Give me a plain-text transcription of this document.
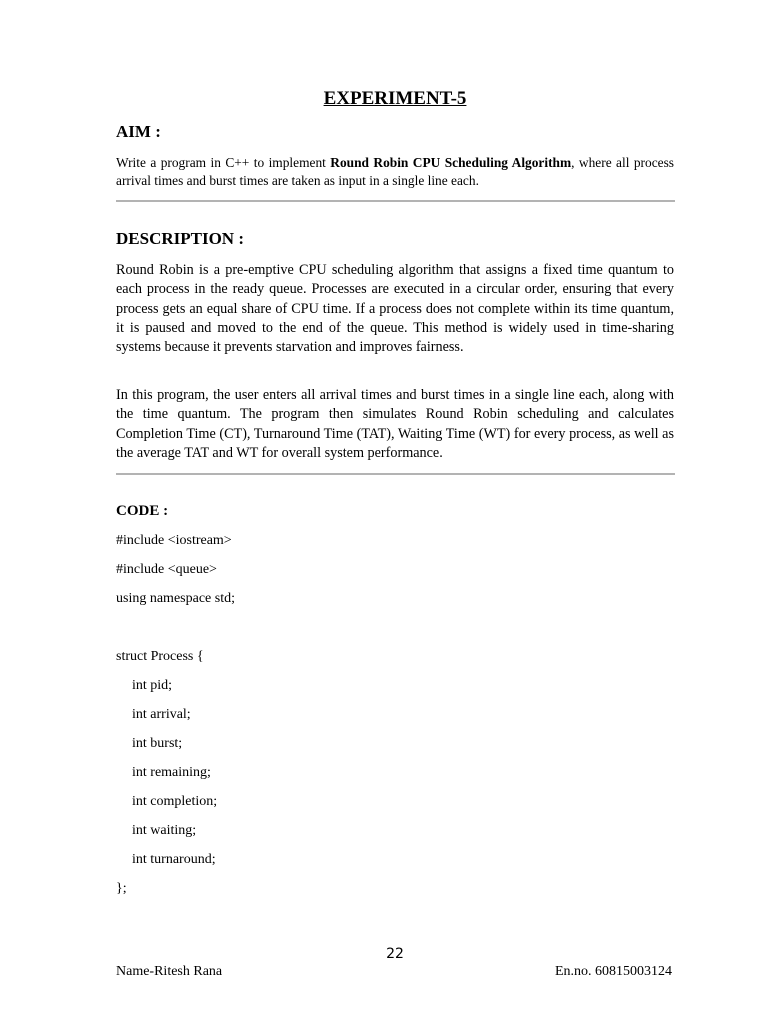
EXPERIMENT-5
AIM :
Write a program in C++ to implement Round Robin CPU Scheduling Algorithm, where all process arrival times and burst times are taken as input in a single line each.
DESCRIPTION :

Round Robin is a pre-emptive CPU scheduling algorithm that assigns a fixed time quantum to each process in the ready queue. Processes are executed in a circular order, ensuring that every process gets an equal share of CPU time. If a process does not complete within its time quantum, it is paused and moved to the end of the queue. This method is widely used in time-sharing systems because it prevents starvation and improves fairness.

In this program, the user enters all arrival times and burst times in a single line each, along with the time quantum. The program then simulates Round Robin scheduling and calculates Completion Time (CT), Turnaround Time (TAT), Waiting Time (WT) for every process, as well as the average TAT and WT for overall system performance.

CODE :
#include <iostream>
#include <queue>
using namespace std;
struct Process {
int pid;
int arrival;
int burst;
int remaining;
int completion;
int waiting;
int turnaround;
};
22
Name-Ritesh Rana	En.no. 60815003124
